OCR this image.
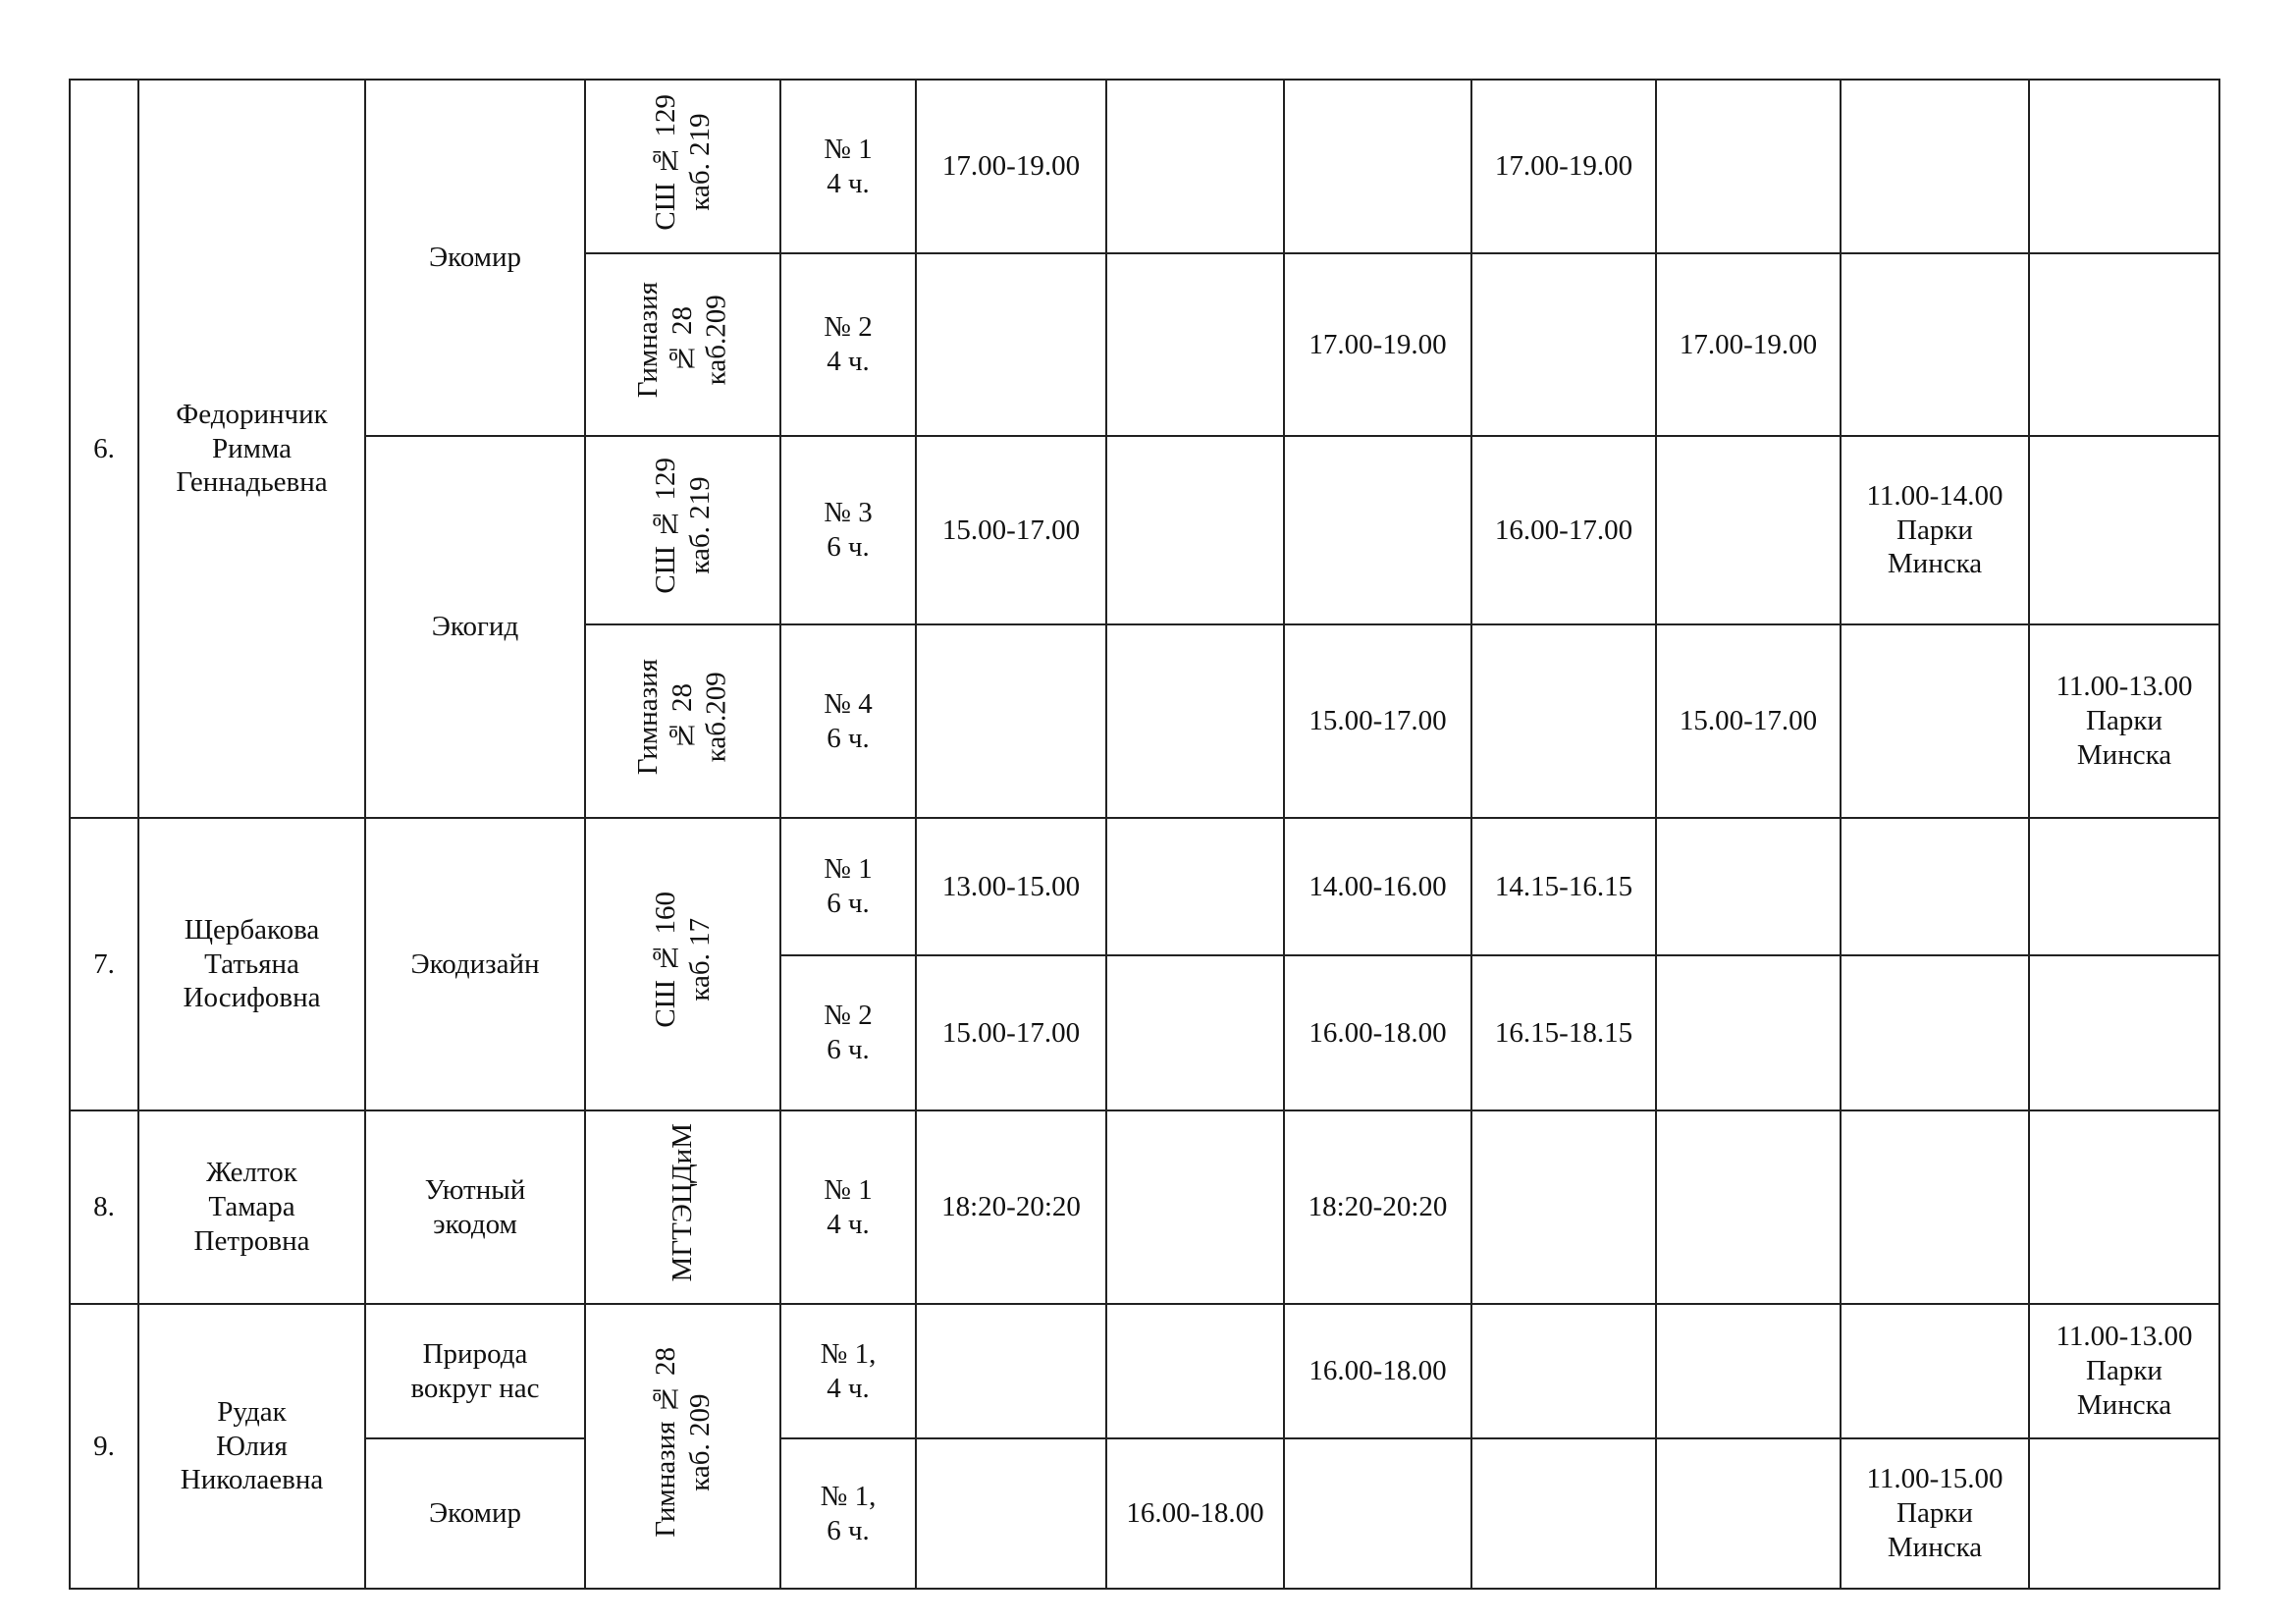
6.	Федоринчик
Римма
Геннадьевна	Экомир	СШ № 129 каб. 219	№ 1
4 ч.	17.00-19.00			17.00-19.00			

			Гимназия № 28 каб.209	№ 2
4 ч.			17.00-19.00		17.00-19.00		

		Экогид	СШ № 129 каб. 219	№ 3
6 ч.	15.00-17.00			16.00-17.00		11.00-14.00
Парки
Минска	

			Гимназия № 28 каб.209	№ 4
6 ч.			15.00-17.00		15.00-17.00		11.00-13.00
Парки
Минска

7.	Щербакова
Татьяна
Иосифовна	Экодизайн	СШ № 160 каб. 17	№ 1
6 ч.	13.00-15.00		14.00-16.00	14.15-16.15			

				№ 2
6 ч.	15.00-17.00		16.00-18.00	16.15-18.15			

8.	Желток
Тамара
Петровна	Уютный
экодом	МГТЭЦДиМ	№ 1
4 ч.	18:20-20:20		18:20-20:20				

9.	Рудак
Юлия
Николаевна	Природа
вокруг нас	Гимназия № 28 каб. 209	№ 1,
4 ч.			16.00-18.00				11.00-13.00
Парки
Минска

		Экомир		№ 1,
6 ч.		16.00-18.00				11.00-15.00
Парки
Минска	
